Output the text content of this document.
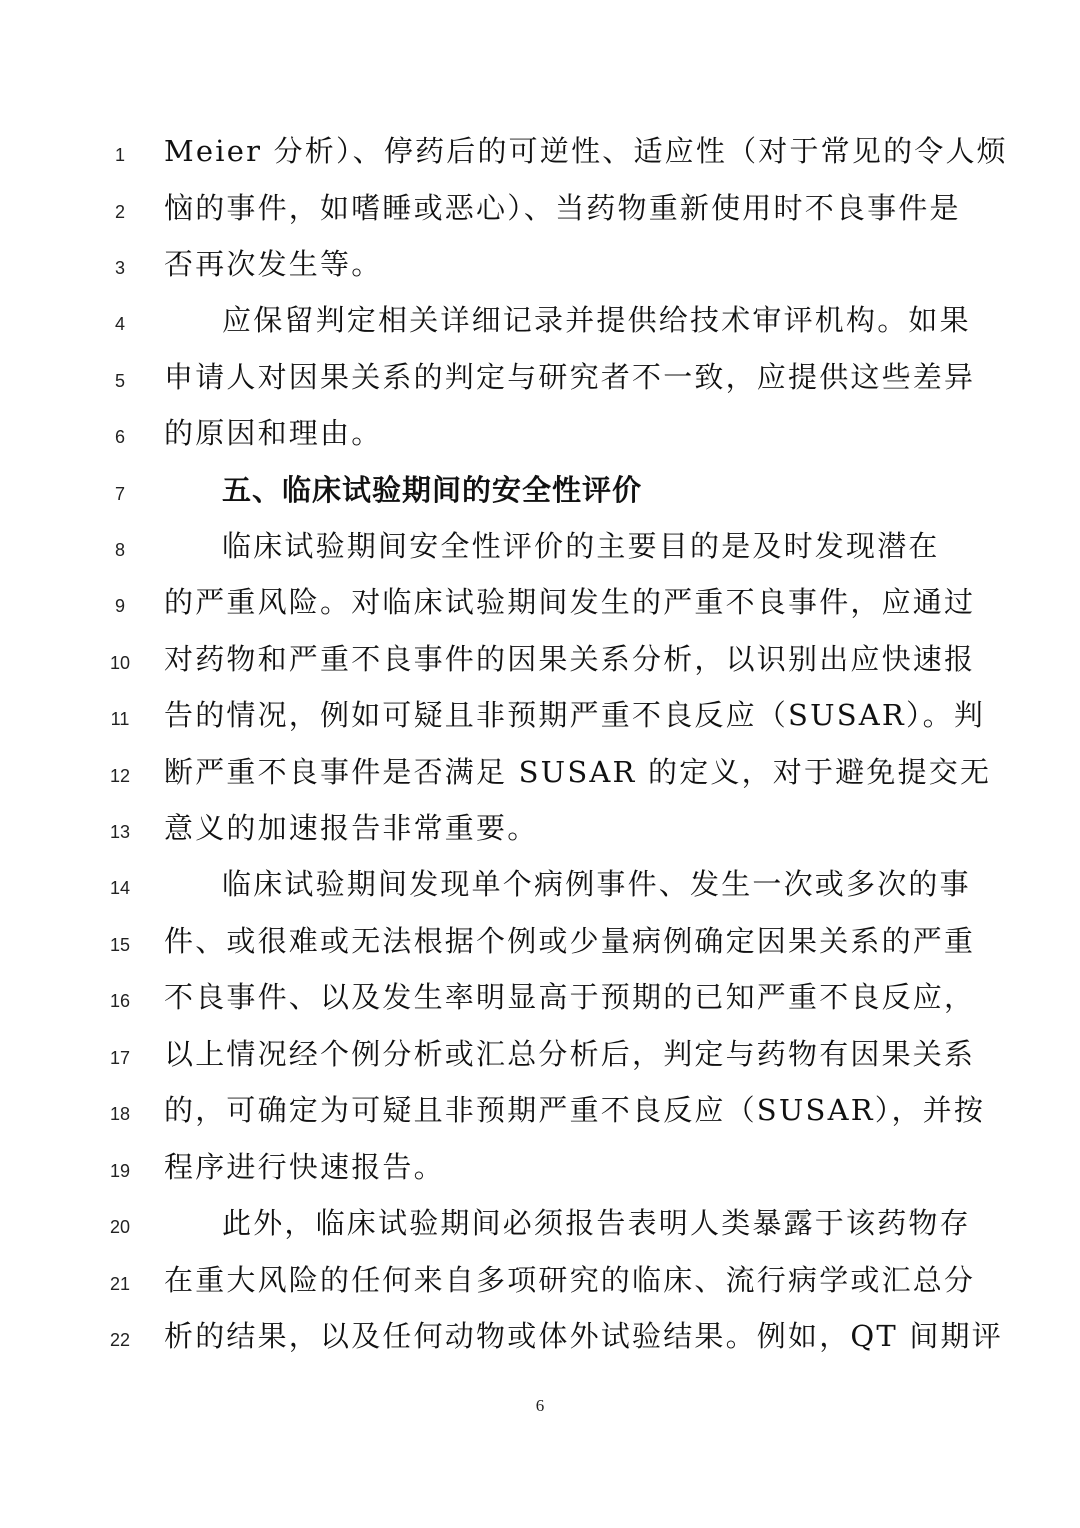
1	Meier 分析）、停药后的可逆性、适应性（对于常见的令人烦
2	恼的事件，如嗜睡或恶心）、当药物重新使用时不良事件是
3	否再次发生等。
4	应保留判定相关详细记录并提供给技术审评机构。如果
5	申请人对因果关系的判定与研究者不一致，应提供这些差异
6	的原因和理由。
7	五、临床试验期间的安全性评价
8	临床试验期间安全性评价的主要目的是及时发现潜在
9	的严重风险。对临床试验期间发生的严重不良事件，应通过
10	对药物和严重不良事件的因果关系分析，以识别出应快速报
11	告的情况，例如可疑且非预期严重不良反应（SUSAR）。判
12	断严重不良事件是否满足 SUSAR 的定义，对于避免提交无
13	意义的加速报告非常重要。
14	临床试验期间发现单个病例事件、发生一次或多次的事
15	件、或很难或无法根据个例或少量病例确定因果关系的严重
16	不良事件、以及发生率明显高于预期的已知严重不良反应，
17	以上情况经个例分析或汇总分析后，判定与药物有因果关系
18	的，可确定为可疑且非预期严重不良反应（SUSAR），并按
19	程序进行快速报告。
20	此外，临床试验期间必须报告表明人类暴露于该药物存
21	在重大风险的任何来自多项研究的临床、流行病学或汇总分
22	析的结果，以及任何动物或体外试验结果。例如，QT 间期评
6
